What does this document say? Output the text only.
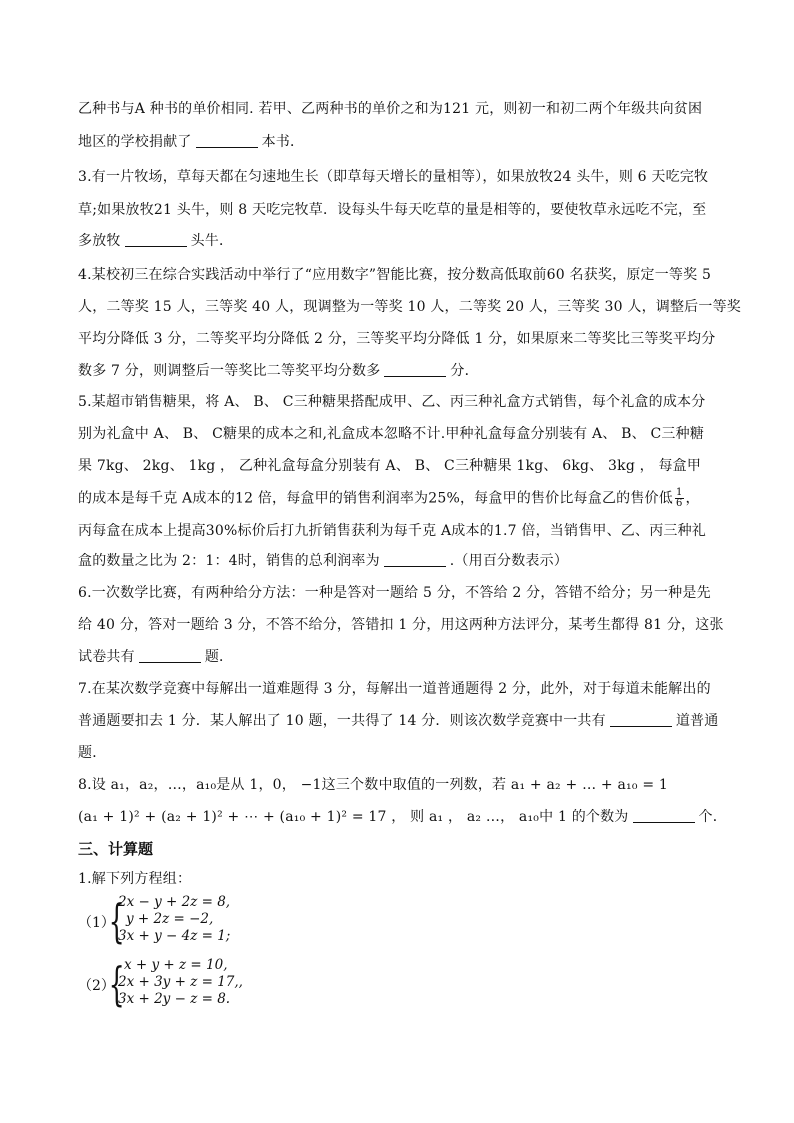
乙种书与A 种书的单价相同. 若甲、乙两种书的单价之和为121 元，则初一和初二两个年级共向贫困
地区的学校捐献了	本书．
3.有一片牧场，草每天都在匀速地生长（即草每天增长的量相等），如果放牧24 头牛，则 6 天吃完牧
草;如果放牧21 头牛，则 8 天吃完牧草．设每头牛每天吃草的量是相等的，要使牧草永远吃不完，至
多放牧	头牛．
4.某校初三在综合实践活动中举行了“应用数字”智能比赛，按分数高低取前60 名获奖，原定一等奖 5
人，二等奖 15 人，三等奖 40 人，现调整为一等奖 10 人，二等奖 20 人，三等奖 30 人，调整后一等奖
平均分降低 3 分，二等奖平均分降低 2 分，三等奖平均分降低 1 分，如果原来二等奖比三等奖平均分
数多 7 分，则调整后一等奖比二等奖平均分数多	分．
5.某超市销售糖果，将 A、 B、 C三种糖果搭配成甲、乙、丙三种礼盒方式销售，每个礼盒的成本分
别为礼盒中 A、 B、 C糖果的成本之和,礼盒成本忽略不计.甲种礼盒每盒分别装有 A、 B、 C三种糖
果 7kg、 2kg、 1kg ， 乙种礼盒每盒分别装有 A、 B、 C三种糖果 1kg、 6kg、 3kg ， 每盒甲
的成本是每千克 A成本的12 倍，每盒甲的销售利润率为25%，每盒甲的售价比每盒乙的售价低 $\frac{1}{6}$ ，
丙每盒在成本上提高30%标价后打九折销售获利为每千克 A成本的1.7 倍，当销售甲、乙、丙三种礼
盒的数量之比为 2：1：4时，销售的总利润率为	.（用百分数表示）
6.一次数学比赛，有两种给分方法：一种是答对一题给 5 分，不答给 2 分，答错不给分；另一种是先
给 40 分，答对一题给 3 分，不答不给分，答错扣 1 分，用这两种方法评分，某考生都得 81 分，这张
试卷共有	题．
7.在某次数学竞赛中每解出一道难题得 3 分，每解出一道普通题得 2 分，此外，对于每道未能解出的
普通题要扣去 1 分．某人解出了 10 题，一共得了 14 分．则该次数学竞赛中一共有	道普通
题．
8.设 a₁，a₂，…，a₁₀是从 1，0， −1这三个数中取值的一列数，若 a₁ + a₂ + … + a₁₀ = 1
(a₁ + 1)² + (a₂ + 1)² + ⋯ + (a₁₀ + 1)² = 17 ， 则 a₁ ， a₂ …， a₁₀中 1 的个数为	个．
三、计算题
1.解下列方程组：
（1）
{
2x − y + 2z = 8,
y + 2z = −2,
3x + y − 4z = 1;
（2）
{ x + y + z = 10,
2x + 3y + z = 17,,
3x + 2y − z = 8.
